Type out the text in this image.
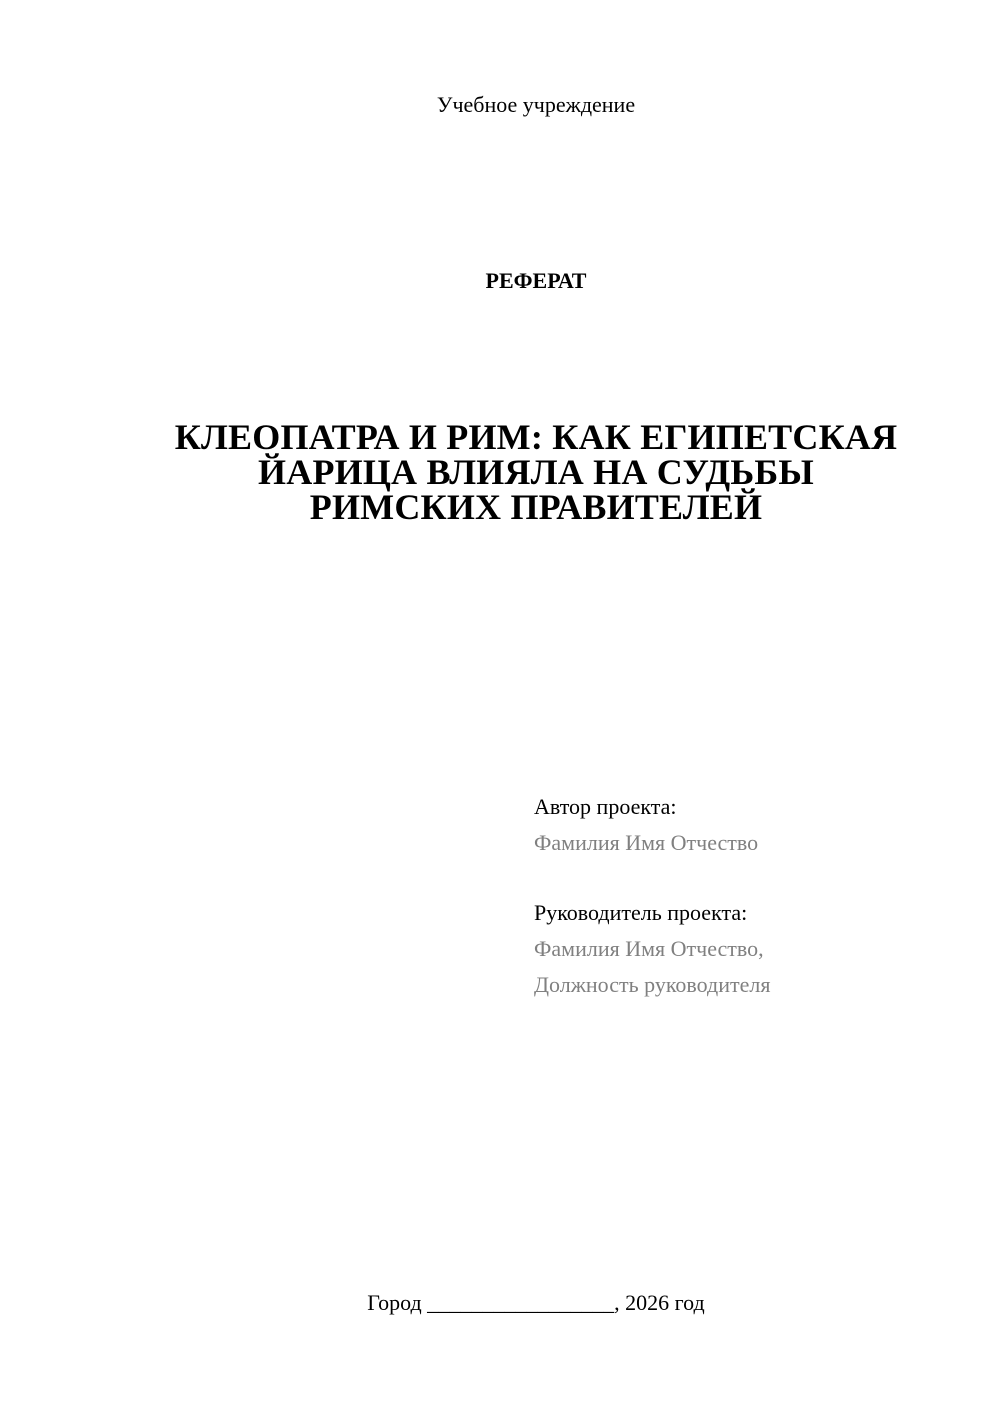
Учебное учреждение
РЕФЕРАТ
КЛЕОПАТРА И РИМ: КАК ЕГИПЕТСКАЯ
ЙАРИЦА ВЛИЯЛА НА СУДЬБЫ
РИМСКИХ ПРАВИТЕЛЕЙ
Автор проекта:
Фамилия Имя Отчество
Руководитель проекта:
Фамилия Имя Отчество,
Должность руководителя
Город _________________, 2026 год
